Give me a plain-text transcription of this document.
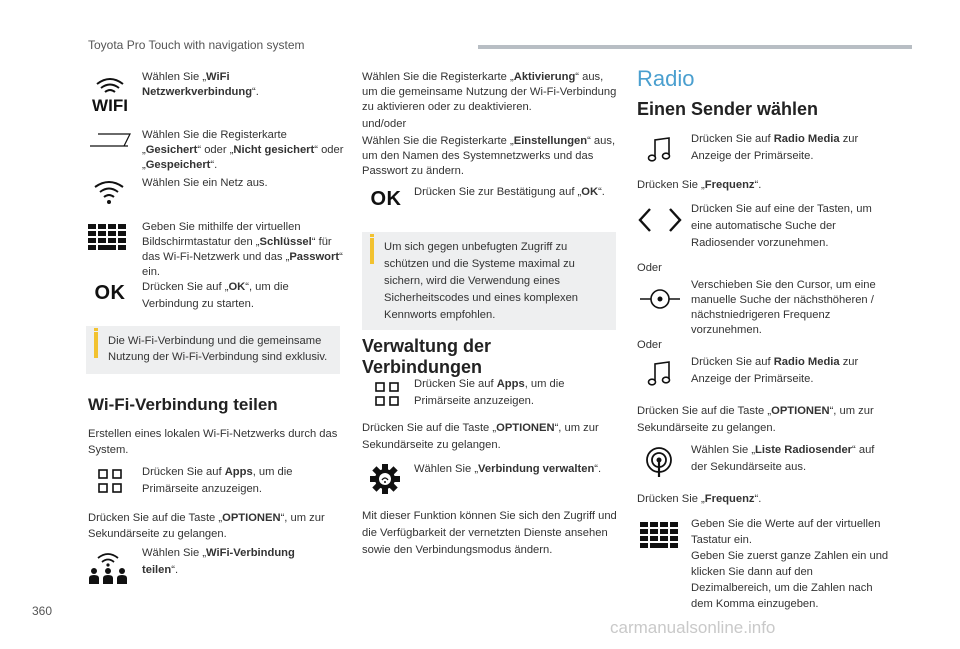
Toyota Pro Touch with navigation system
WIFI
Wählen Sie „WiFi Netzwerkverbindung“.
Wählen Sie die Registerkarte „Gesichert“ oder „Nicht gesichert“ oder „Gespeichert“.
Wählen Sie ein Netz aus.
Geben Sie mithilfe der virtuellen Bildschirmtastatur den „Schlüssel“ für das Wi-Fi-Netzwerk und das „Passwort“ ein.
OK	Drücken Sie auf „OK“, um die Verbindung zu starten.
Die Wi-Fi-Verbindung und die gemeinsame Nutzung der Wi-Fi-Verbindung sind exklusiv.
Wi-Fi-Verbindung teilen
Erstellen eines lokalen Wi-Fi-Netzwerks durch das System.
Drücken Sie auf Apps, um die Primärseite anzuzeigen.
Drücken Sie auf die Taste „OPTIONEN“, um zur Sekundärseite zu gelangen.
Wählen Sie „WiFi-Verbindung teilen“.
Wählen Sie die Registerkarte „Aktivierung“ aus, um die gemeinsame Nutzung der Wi-Fi-Verbindung zu aktivieren oder zu deaktivieren.
und/oder
Wählen Sie die Registerkarte „Einstellungen“ aus, um den Namen des Systemnetzwerks und das Passwort zu ändern.
OK	Drücken Sie zur Bestätigung auf „OK“.
Um sich gegen unbefugten Zugriff zu schützen und die Systeme maximal zu sichern, wird die Verwendung eines Sicherheitscodes und eines komplexen Kennworts empfohlen.
Verwaltung der Verbindungen
Drücken Sie auf Apps, um die Primärseite anzuzeigen.
Drücken Sie auf die Taste „OPTIONEN“, um zur Sekundärseite zu gelangen.
Wählen Sie „Verbindung verwalten“.
Mit dieser Funktion können Sie sich den Zugriff und die Verfügbarkeit der vernetzten Dienste ansehen sowie den Verbindungsmodus ändern.
Radio
Einen Sender wählen
Drücken Sie auf Radio Media zur Anzeige der Primärseite.
Drücken Sie „Frequenz“.
Drücken Sie auf eine der Tasten, um eine automatische Suche der Radiosender vorzunehmen.
Oder
Verschieben Sie den Cursor, um eine manuelle Suche der nächsthöheren / nächstniedrigeren Frequenz vorzunehmen.
Oder
Drücken Sie auf Radio Media zur Anzeige der Primärseite.
Drücken Sie auf die Taste „OPTIONEN“, um zur Sekundärseite zu gelangen.
Wählen Sie „Liste Radiosender“ auf der Sekundärseite aus.
Drücken Sie „Frequenz“.
Geben Sie die Werte auf der virtuellen Tastatur ein.
Geben Sie zuerst ganze Zahlen ein und klicken Sie dann auf den Dezimalbereich, um die Zahlen nach dem Komma einzugeben.
360
carmanualsonline.info
